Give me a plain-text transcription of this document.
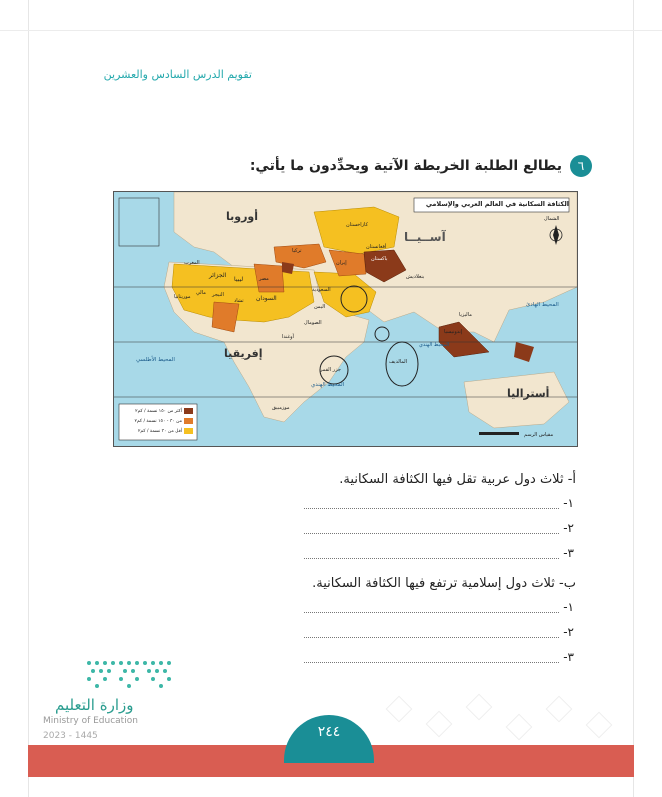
تقويم الدرس السادس والعشرين
٦
يطالع الطلبة الخريطة الآتية ويحدِّدون ما يأتي:
الكثافة السكانية في العالم العربي والإسلامي
أوروبا
آســيــا
إفريقيا
أستراليا
المحيط الهندي
المحيط الأطلسي
المحيط الهادئ
المحيط الهندي
كازاخستان
إيران
تركيا
الجزائر
ليبيا	مصر
السودان
تشاد
النيجر
مالي
موريتانيا
المغرب
السعودية
اليمن
الصومال
جزر القمر
المالديف
موزمبيق
أوغندا
إندونيسيا
باكستان
أفغانستان
بنغلاديش
ماليزيا
الشمال
مقياس الرسم
أكثر من ١٥٠ نسمة / كم٢
من ٣٠ - ١٥٠ نسمة / كم٢
أقل من ٣٠ نسمة / كم٢
أ- ثلاث دول عربية تقل فيها الكثافة السكانية.
١-
٢-
٣-
ب- ثلاث دول إسلامية ترتفع فيها الكثافة السكانية.
١-
٢-
٣-
وزارة التعليم
Ministry of Education
2023 - 1445	٢٤٤
